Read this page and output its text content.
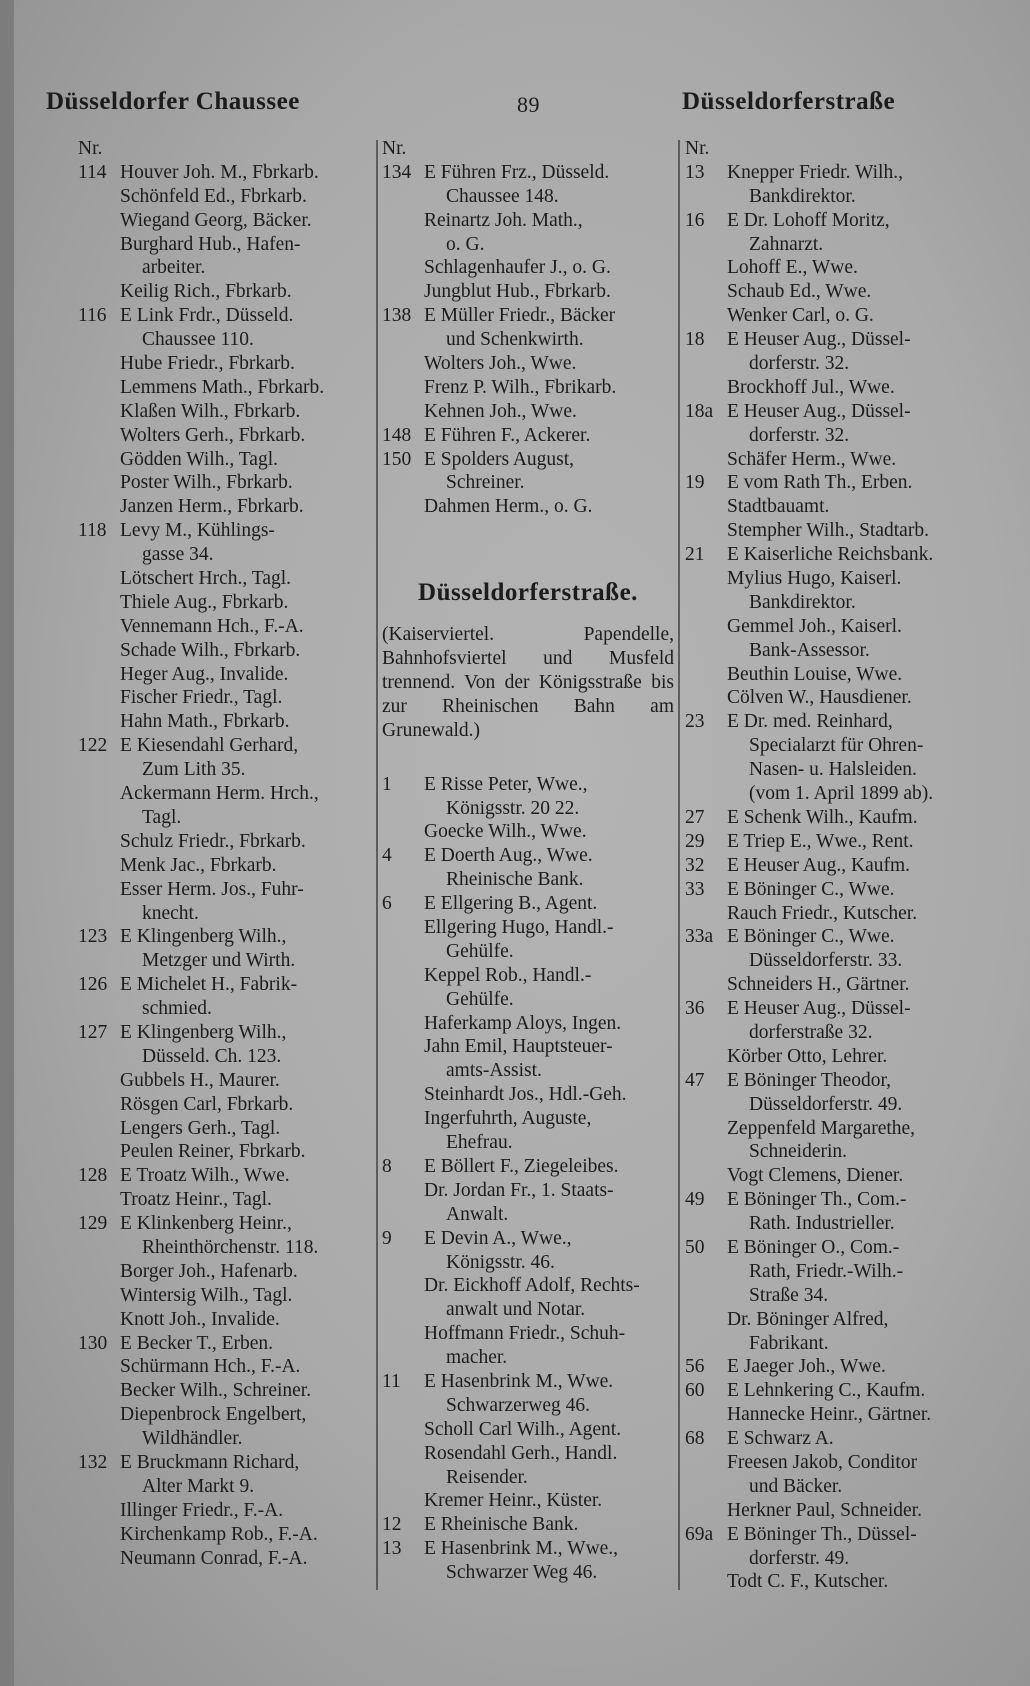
Düsseldorfer Chaussee	89	Düsseldorferstraße
Nr.
114 Houver Joh. M., Fbrkarb.
Schönfeld Ed., Fbrkarb.
Wiegand Georg, Bäcker.
Burghard Hub., Hafen-
arbeiter.
Keilig Rich., Fbrkarb.
116 E Link Frdr., Düsseld.
Chaussee 110.
Hube Friedr., Fbrkarb.
Lemmens Math., Fbrkarb.
Klaßen Wilh., Fbrkarb.
Wolters Gerh., Fbrkarb.
Gödden Wilh., Tagl.
Poster Wilh., Fbrkarb.
Janzen Herm., Fbrkarb.
118 Levy M., Kühlings-
gasse 34.
Lötschert Hrch., Tagl.
Thiele Aug., Fbrkarb.
Vennemann Hch., F.-A.
Schade Wilh., Fbrkarb.
Heger Aug., Invalide.
Fischer Friedr., Tagl.
Hahn Math., Fbrkarb.
122 E Kiesendahl Gerhard,
Zum Lith 35.
Ackermann Herm. Hrch.,
Tagl.
Schulz Friedr., Fbrkarb.
Menk Jac., Fbrkarb.
Esser Herm. Jos., Fuhr-
knecht.
123 E Klingenberg Wilh.,
Metzger und Wirth.
126 E Michelet H., Fabrik-
schmied.
127 E Klingenberg Wilh.,
Düsseld. Ch. 123.
Gubbels H., Maurer.
Rösgen Carl, Fbrkarb.
Lengers Gerh., Tagl.
Peulen Reiner, Fbrkarb.
128 E Troatz Wilh., Wwe.
Troatz Heinr., Tagl.
129 E Klinkenberg Heinr.,
Rheinthörchenstr. 118.
Borger Joh., Hafenarb.
Wintersig Wilh., Tagl.
Knott Joh., Invalide.
130 E Becker T., Erben.
Schürmann Hch., F.-A.
Becker Wilh., Schreiner.
Diepenbrock Engelbert,
Wildhändler.
132 E Bruckmann Richard,
Alter Markt 9.
Illinger Friedr., F.-A.
Kirchenkamp Rob., F.-A.
Neumann Conrad, F.-A.
Nr.
134 E Führen Frz., Düsseld.
Chaussee 148.
Reinartz Joh. Math.,
o. G.
Schlagenhaufer J., o. G.
Jungblut Hub., Fbrkarb.
138 E Müller Friedr., Bäcker
und Schenkwirth.
Wolters Joh., Wwe.
Frenz P. Wilh., Fbrikarb.
Kehnen Joh., Wwe.
148 E Führen F., Ackerer.
150 E Spolders August,
Schreiner.
Dahmen Herm., o. G.
Düsseldorferstraße.
(Kaiserviertel. Papendelle, Bahnhofsviertel und Musfeld trennend. Von der Königsstraße bis zur Rheinischen Bahn am Grunewald.)
1 E Risse Peter, Wwe.,
Königsstr. 20 22.
Goecke Wilh., Wwe.
4 E Doerth Aug., Wwe.
Rheinische Bank.
6 E Ellgering B., Agent.
Ellgering Hugo, Handl.-
Gehülfe.
Keppel Rob., Handl.-
Gehülfe.
Haferkamp Aloys, Ingen.
Jahn Emil, Hauptsteuer-
amts-Assist.
Steinhardt Jos., Hdl.-Geh.
Ingerfuhrth, Auguste,
Ehefrau.
8 E Böllert F., Ziegeleibes.
Dr. Jordan Fr., 1. Staats-
Anwalt.
9 E Devin A., Wwe.,
Königsstr. 46.
Dr. Eickhoff Adolf, Rechts-
anwalt und Notar.
Hoffmann Friedr., Schuh-
macher.
11 E Hasenbrink M., Wwe.
Schwarzerweg 46.
Scholl Carl Wilh., Agent.
Rosendahl Gerh., Handl.
Reisender.
Kremer Heinr., Küster.
12 E Rheinische Bank.
13 E Hasenbrink M., Wwe.,
Schwarzer Weg 46.
Nr.
13 Knepper Friedr. Wilh.,
Bankdirektor.
16 E Dr. Lohoff Moritz,
Zahnarzt.
Lohoff E., Wwe.
Schaub Ed., Wwe.
Wenker Carl, o. G.
18 E Heuser Aug., Düssel-
dorferstr. 32.
Brockhoff Jul., Wwe.
18a E Heuser Aug., Düssel-
dorferstr. 32.
Schäfer Herm., Wwe.
19 E vom Rath Th., Erben.
Stadtbauamt.
Stempher Wilh., Stadtarb.
21 E Kaiserliche Reichsbank.
Mylius Hugo, Kaiserl.
Bankdirektor.
Gemmel Joh., Kaiserl.
Bank-Assessor.
Beuthin Louise, Wwe.
Cölven W., Hausdiener.
23 E Dr. med. Reinhard,
Specialarzt für Ohren-
Nasen- u. Halsleiden.
(vom 1. April 1899 ab).
27 E Schenk Wilh., Kaufm.
29 E Triep E., Wwe., Rent.
32 E Heuser Aug., Kaufm.
33 E Böninger C., Wwe.
Rauch Friedr., Kutscher.
33a E Böninger C., Wwe.
Düsseldorferstr. 33.
Schneiders H., Gärtner.
36 E Heuser Aug., Düssel-
dorferstraße 32.
Körber Otto, Lehrer.
47 E Böninger Theodor,
Düsseldorferstr. 49.
Zeppenfeld Margarethe,
Schneiderin.
Vogt Clemens, Diener.
49 E Böninger Th., Com.-
Rath. Industrieller.
50 E Böninger O., Com.-
Rath, Friedr.-Wilh.-
Straße 34.
Dr. Böninger Alfred,
Fabrikant.
56 E Jaeger Joh., Wwe.
60 E Lehnkering C., Kaufm.
Hannecke Heinr., Gärtner.
68 E Schwarz A.
Freesen Jakob, Conditor
und Bäcker.
Herkner Paul, Schneider.
69a E Böninger Th., Düssel-
dorferstr. 49.
Todt C. F., Kutscher.
